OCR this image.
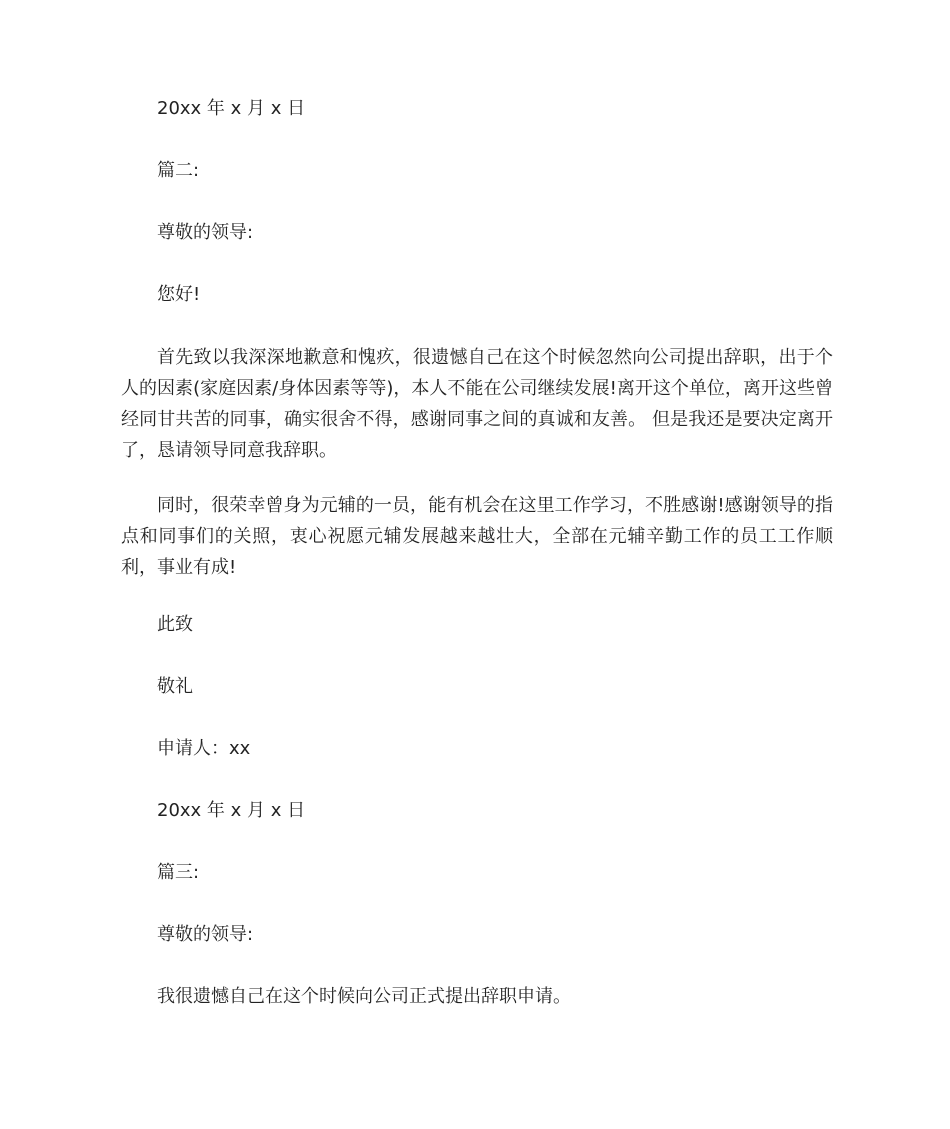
20xx 年 x 月 x 日
篇二:
尊敬的领导:
您好!
首先致以我深深地歉意和愧疚，很遗憾自己在这个时候忽然向公司提出辞职，出于个人的因素(家庭因素/身体因素等等)，本人不能在公司继续发展!离开这个单位，离开这些曾经同甘共苦的同事，确实很舍不得，感谢同事之间的真诚和友善。 但是我还是要决定离开了，恳请领导同意我辞职。
同时，很荣幸曾身为元辅的一员，能有机会在这里工作学习，不胜感谢!感谢领导的指点和同事们的关照，衷心祝愿元辅发展越来越壮大，全部在元辅辛勤工作的员工工作顺利，事业有成!
此致
敬礼
申请人：xx
20xx 年 x 月 x 日
篇三:
尊敬的领导:
我很遗憾自己在这个时候向公司正式提出辞职申请。
